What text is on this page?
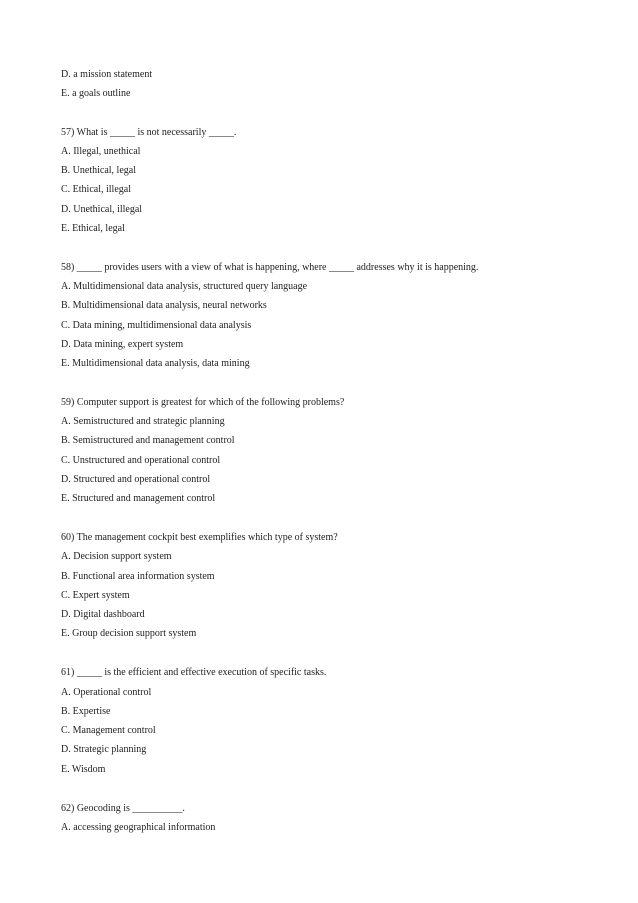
D. a mission statement
E. a goals outline
57) What is _____ is not necessarily _____.
A. Illegal, unethical
B. Unethical, legal
C. Ethical, illegal
D. Unethical, illegal
E. Ethical, legal
58) _____ provides users with a view of what is happening, where _____ addresses why it is happening.
A. Multidimensional data analysis, structured query language
B. Multidimensional data analysis, neural networks
C. Data mining, multidimensional data analysis
D. Data mining, expert system
E. Multidimensional data analysis, data mining
59) Computer support is greatest for which of the following problems?
A. Semistructured and strategic planning
B. Semistructured and management control
C. Unstructured and operational control
D. Structured and operational control
E. Structured and management control
60) The management cockpit best exemplifies which type of system?
A. Decision support system
B. Functional area information system
C. Expert system
D. Digital dashboard
E. Group decision support system
61) _____ is the efficient and effective execution of specific tasks.
A. Operational control
B. Expertise
C. Management control
D. Strategic planning
E. Wisdom
62) Geocoding is __________.
A. accessing geographical information
